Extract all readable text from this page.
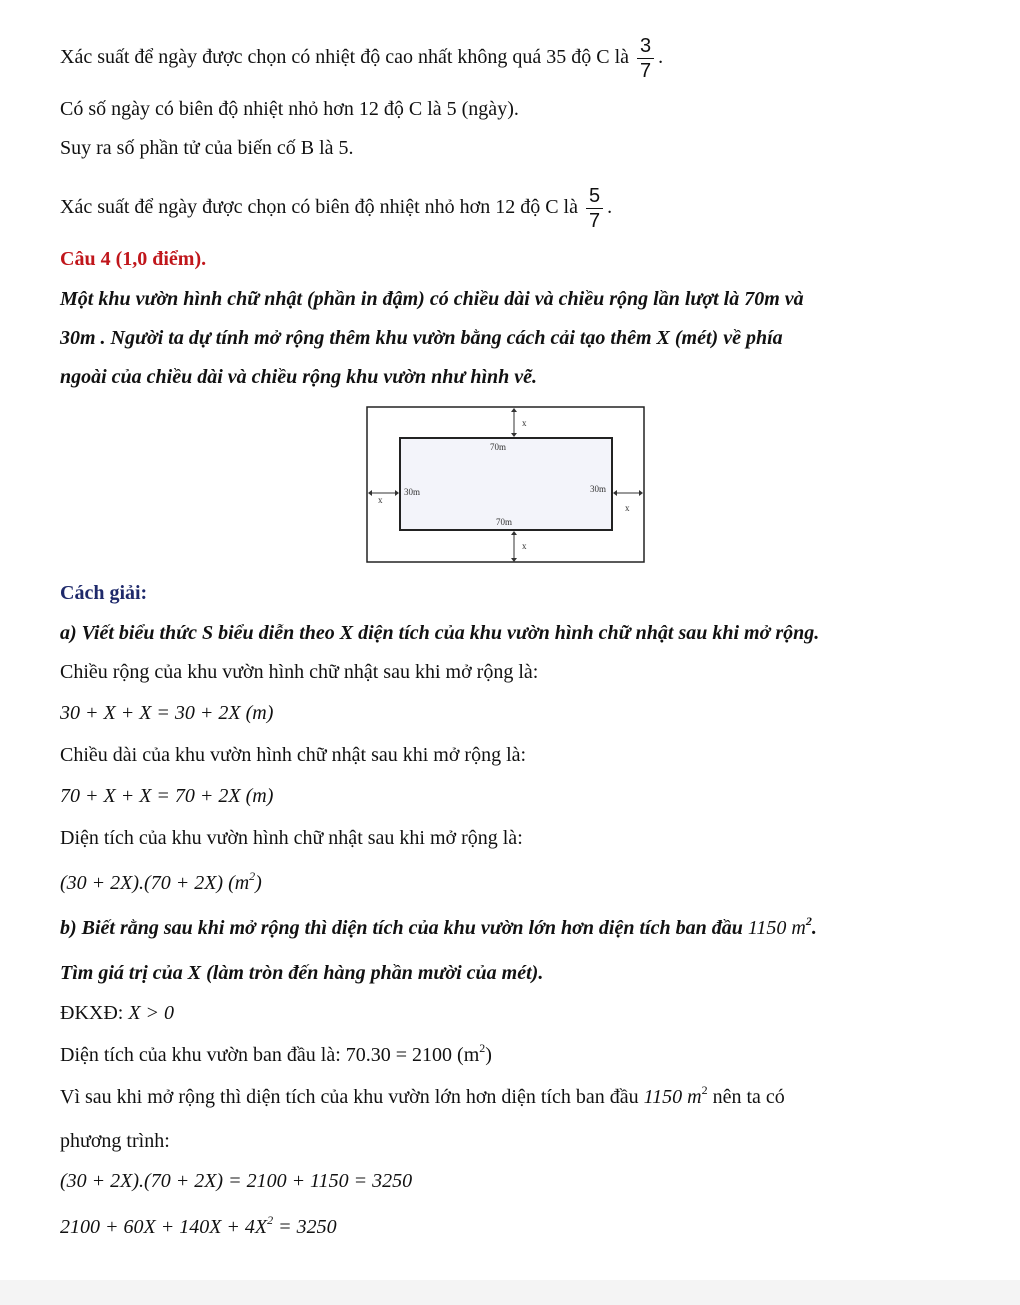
Xác suất để ngày được chọn có nhiệt độ cao nhất không quá 35 độ C là $\frac{3}{7}$ .
Có số ngày có biên độ nhiệt nhỏ hơn 12 độ C là 5 (ngày).
Suy ra số phần tử của biến cố B là 5.
Xác suất để ngày được chọn có biên độ nhiệt nhỏ hơn 12 độ C là $\frac{5}{7}$ .
Câu 4 (1,0 điểm).
Một khu vườn hình chữ nhật (phần in đậm) có chiều dài và chiều rộng lần lượt là 70m và
30m . Người ta dự tính mở rộng thêm khu vườn bằng cách cải tạo thêm X (mét) về phía
ngoài của chiều dài và chiều rộng khu vườn như hình vẽ.
x
70m
x
30m
x
30m
70m
x
Cách giải:
a) Viết biểu thức S biểu diễn theo X diện tích của khu vườn hình chữ nhật sau khi mở rộng.
Chiều rộng của khu vườn hình chữ nhật sau khi mở rộng là:
30 + X + X = 30 + 2X (m)
Chiều dài của khu vườn hình chữ nhật sau khi mở rộng là:
70 + X + X = 70 + 2X (m)
Diện tích của khu vườn hình chữ nhật sau khi mở rộng là:
(30 + 2X).(70 + 2X) $(m^2)$
b) Biết rằng sau khi mở rộng thì diện tích của khu vườn lớn hơn diện tích ban đầu 1150 $m^2$.
Tìm giá trị của X (làm tròn đến hàng phần mười của mét).
ĐKXĐ: X > 0
Diện tích của khu vườn ban đầu là: 70.30 = 2100 $(m^2)$
Vì sau khi mở rộng thì diện tích của khu vườn lớn hơn diện tích ban đầu 1150 $m^2$ nên ta có
phương trình:
(30 + 2X).(70 + 2X) = 2100 + 1150 = 3250
$2100 + 60X + 140X + 4X^2 = 3250$
